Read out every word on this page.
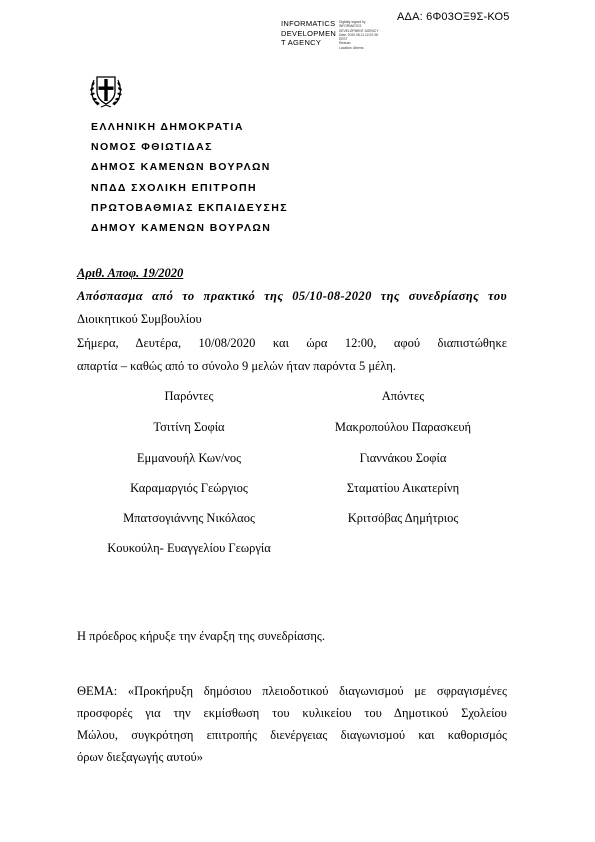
ΑΔΑ: 6Φ03ΟΞ9Σ-ΚΟ5
INFORMATICS
DEVELOPMEN
T AGENCY
Digitally signed by
INFORMATICS
DEVELOPMENT AGENCY
Date: 2020.08.11 12:02:38
EEST
Reason:
Location: Athens
ΕΛΛΗΝΙΚΗ ΔΗΜΟΚΡΑΤΙΑ
ΝΟΜΟΣ ΦΘΙΩΤΙΔΑΣ
ΔΗΜΟΣ ΚΑΜΕΝΩΝ ΒΟΥΡΛΩΝ
ΝΠΔΔ ΣΧΟΛΙΚΗ ΕΠΙΤΡΟΠΗ
ΠΡΩΤΟΒΑΘΜΙΑΣ ΕΚΠΑΙΔΕΥΣΗΣ
ΔΗΜΟΥ ΚΑΜΕΝΩΝ ΒΟΥΡΛΩΝ
Αριθ. Αποφ. 19/2020
Απόσπασμα από το πρακτικό της 05/10-08-2020 της συνεδρίασης του
Διοικητικού Συμβουλίου
Σήμερα, Δευτέρα, 10/08/2020 και ώρα 12:00, αφού διαπιστώθηκε
απαρτία – καθώς από το σύνολο 9 μελών ήταν παρόντα 5 μέλη.
Παρόντες
Τσιτίνη Σοφία
Εμμανουήλ Κων/νος
Καραμαργιός Γεώργιος
Μπατσογιάννης Νικόλαος
Κουκούλη- Ευαγγελίου Γεωργία
Απόντες
Μακροπούλου Παρασκευή
Γιαννάκου Σοφία
Σταματίου Αικατερίνη
Κριτσόβας Δημήτριος
Η πρόεδρος κήρυξε την έναρξη της συνεδρίασης.
ΘΕΜΑ: «Προκήρυξη δημόσιου πλειοδοτικού διαγωνισμού με σφραγισμένες
προσφορές για την εκμίσθωση του κυλικείου του Δημοτικού Σχολείου
Μώλου, συγκρότηση επιτροπής διενέργειας διαγωνισμού και καθορισμός
όρων διεξαγωγής αυτού»
